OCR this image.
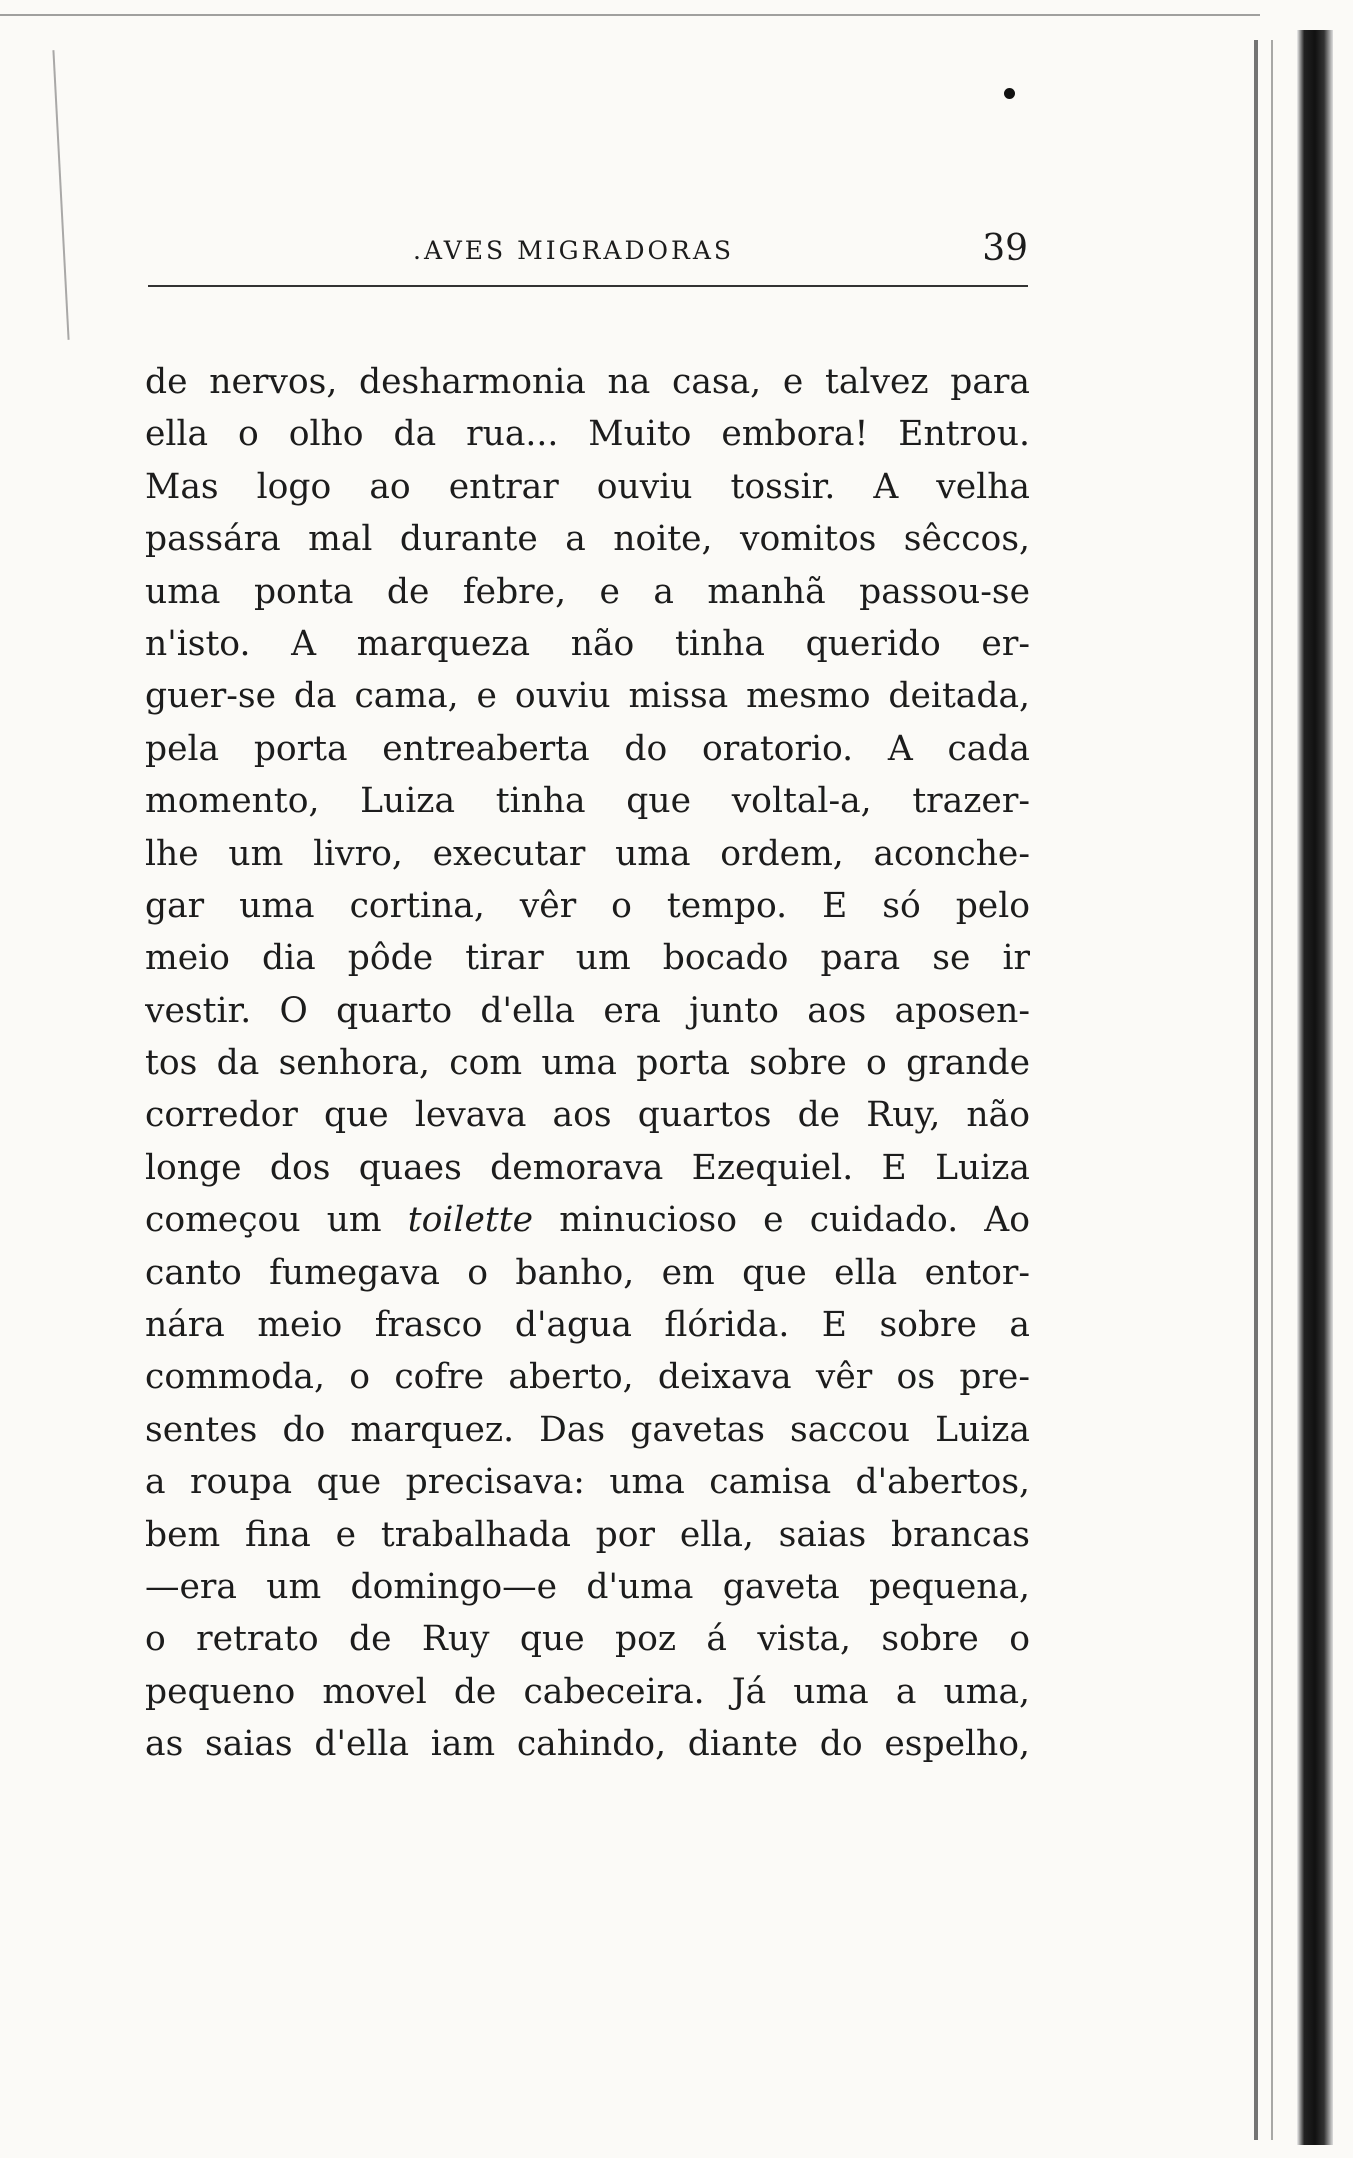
.AVES MIGRADORAS	39
de nervos, desharmonia na casa, e talvez para
ella o olho da rua... Muito embora! Entrou.
Mas logo ao entrar ouviu tossir. A velha
passára mal durante a noite, vomitos sêccos,
uma ponta de febre, e a manhã passou-se
n'isto. A marqueza não tinha querido er-
guer-se da cama, e ouviu missa mesmo deitada,
pela porta entreaberta do oratorio. A cada
momento, Luiza tinha que voltal-a, trazer-
lhe um livro, executar uma ordem, aconche-
gar uma cortina, vêr o tempo. E só pelo
meio dia pôde tirar um bocado para se ir
vestir. O quarto d'ella era junto aos aposen-
tos da senhora, com uma porta sobre o grande
corredor que levava aos quartos de Ruy, não
longe dos quaes demorava Ezequiel. E Luiza
começou um toilette minucioso e cuidado. Ao
canto fumegava o banho, em que ella entor-
nára meio frasco d'agua flórida. E sobre a
commoda, o cofre aberto, deixava vêr os pre-
sentes do marquez. Das gavetas saccou Luiza
a roupa que precisava: uma camisa d'abertos,
bem fina e trabalhada por ella, saias brancas
—era um domingo—e d'uma gaveta pequena,
o retrato de Ruy que poz á vista, sobre o
pequeno movel de cabeceira. Já uma a uma,
as saias d'ella iam cahindo, diante do espelho,
